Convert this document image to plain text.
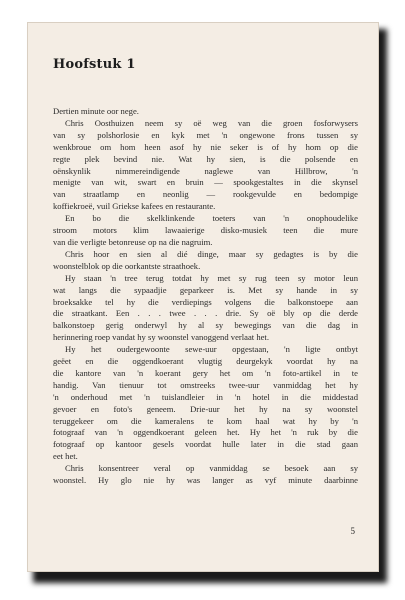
Hoofstuk 1

Dertien minute oor nege.

Chris Oosthuizen neem sy oë weg van die groen fosforwysers

van sy polshorlosie en kyk met 'n ongewone frons tussen sy

wenkbroue om hom heen asof hy nie seker is of hy hom op die

regte plek bevind nie. Wat hy sien, is die polsende en

oënskynlik nimmereindigende naglewe van Hillbrow, 'n

menigte van wit, swart en bruin — spookgestaltes in die skynsel

van straatlamp en neonlig — rookgevulde en bedompige

koffiekroeë, vuil Griekse kafees en restaurante.

En bo die skelklinkende toeters van 'n onophoudelike

stroom motors klim lawaaierige disko-musiek teen die mure

van die verligte betonreuse op na die nagruim.

Chris hoor en sien al dié dinge, maar sy gedagtes is by die

woonstelblok op die oorkantste straathoek.

Hy staan 'n tree terug totdat hy met sy rug teen sy motor leun

wat langs die sypaadjie geparkeer is. Met sy hande in sy

broeksakke tel hy die verdiepings volgens die balkonstoepe aan

die straatkant. Een . . . twee . . . drie. Sy oë bly op die derde

balkonstoep gerig onderwyl hy al sy bewegings van die dag in

herinnering roep vandat hy sy woonstel vanoggend verlaat het.

Hy het oudergewoonte sewe-uur opgestaan, 'n ligte ontbyt

geëet en die oggendkoerant vlugtig deurgekyk voordat hy na

die kantore van 'n koerant gery het om 'n foto-artikel in te

handig. Van tienuur tot omstreeks twee-uur vanmiddag het hy

'n onderhoud met 'n tuislandleier in 'n hotel in die middestad

gevoer en foto's geneem. Drie-uur het hy na sy woonstel

teruggekeer om die kameralens te kom haal wat hy by 'n

fotograaf van 'n oggendkoerant geleen het. Hy het 'n ruk by die

fotograaf op kantoor gesels voordat hulle later in die stad gaan

eet het.

Chris konsentreer veral op vanmiddag se besoek aan sy

woonstel. Hy glo nie hy was langer as vyf minute daarbinne

5
